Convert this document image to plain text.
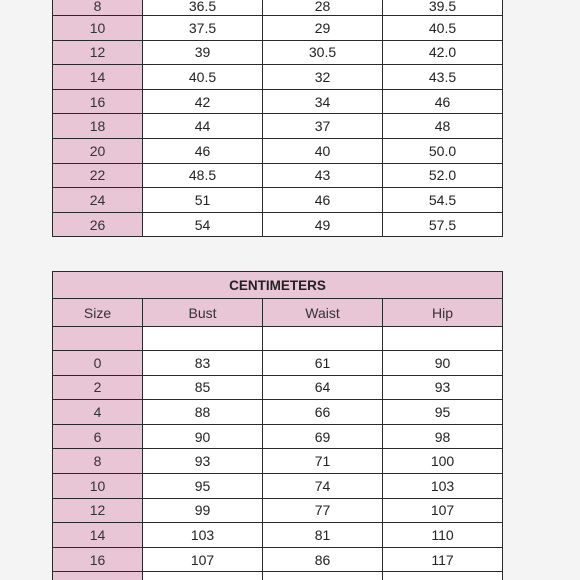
8	36.5	28	39.5
10	37.5	29	40.5
12	39	30.5	42.0
14	40.5	32	43.5
16	42	34	46
18	44	37	48
20	46	40	50.0
22	48.5	43	52.0
24	51	46	54.5
26	54	49	57.5
CENTIMETERS			
Size	Bust	Waist	Hip

0	83	61	90
2	85	64	93
4	88	66	95
6	90	69	98
8	93	71	100
10	95	74	103
12	99	77	107
14	103	81	110
16	107	86	117
